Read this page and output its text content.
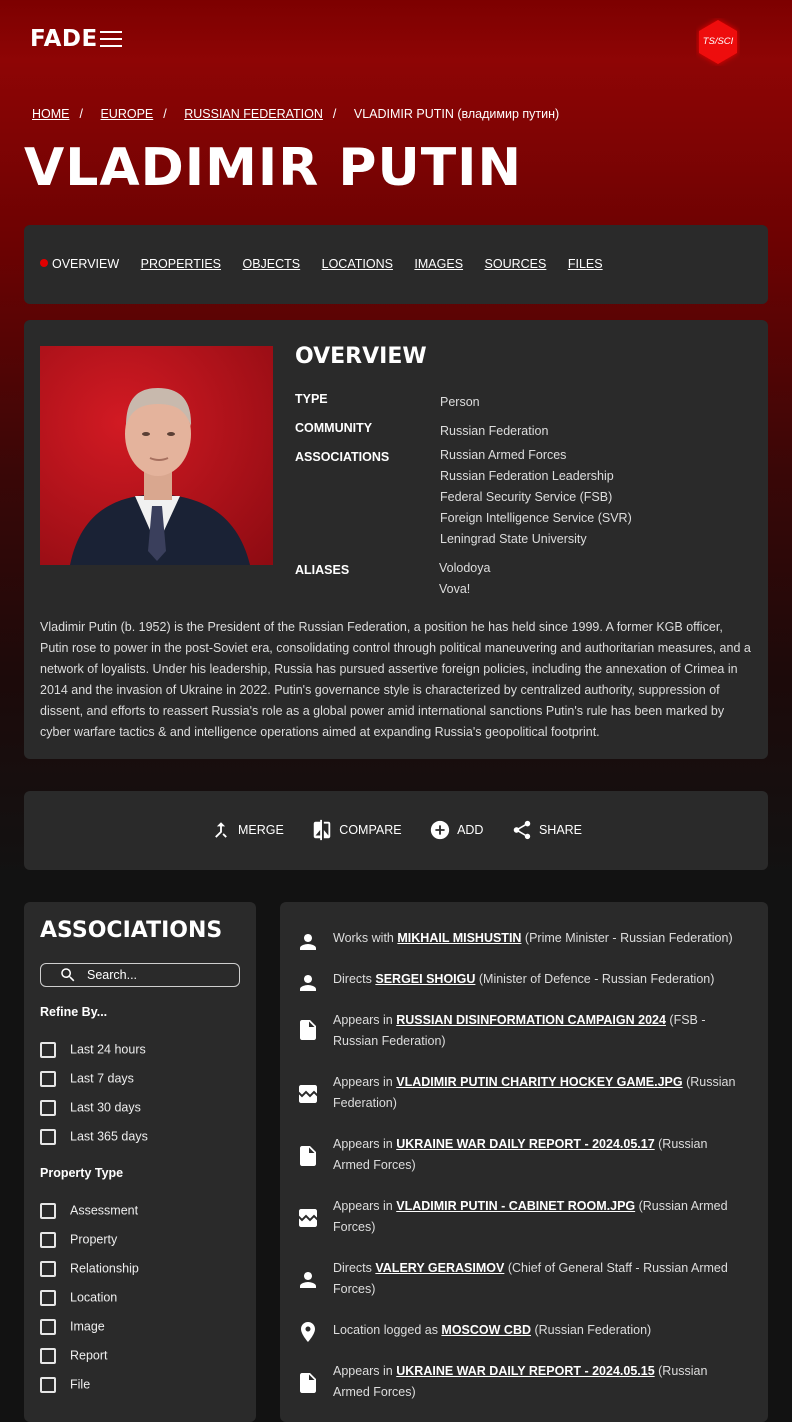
FADE	TS/SCI
HOME / EUROPE / RUSSIAN FEDERATION / VLADIMIR PUTIN (владимир путин)
VLADIMIR PUTIN
OVERVIEW PROPERTIES OBJECTS LOCATIONS IMAGES SOURCES FILES
OVERVIEW
TYPE	Person
COMMUNITY	Russian Federation
ASSOCIATIONS	Russian Armed Forces
Russian Federation Leadership
Federal Security Service (FSB)
Foreign Intelligence Service (SVR)
Leningrad State University
ALIASES	Volodoya
Vova!
Vladimir Putin (b. 1952) is the President of the Russian Federation, a position he has held since 1999. A former KGB officer, Putin rose to power in the post-Soviet era, consolidating control through political maneuvering and authoritarian measures, and a network of loyalists. Under his leadership, Russia has pursued assertive foreign policies, including the annexation of Crimea in 2014 and the invasion of Ukraine in 2022. Putin's governance style is characterized by centralized authority, suppression of dissent, and efforts to reassert Russia's role as a global power amid international sanctions Putin's rule has been marked by cyber warfare tactics & and intelligence operations aimed at expanding Russia's geopolitical footprint.
MERGE	COMPARE	ADD	SHARE
ASSOCIATIONS
Search...
Refine By...
Last 24 hours
Last 7 days
Last 30 days
Last 365 days
Property Type
Assessment
Property
Relationship
Location
Image
Report
File
Works with MIKHAIL MISHUSTIN (Prime Minister - Russian Federation)
Directs SERGEI SHOIGU (Minister of Defence - Russian Federation)
Appears in RUSSIAN DISINFORMATION CAMPAIGN 2024 (FSB - Russian Federation)
Appears in VLADIMIR PUTIN CHARITY HOCKEY GAME.JPG (Russian Federation)
Appears in UKRAINE WAR DAILY REPORT - 2024.05.17 (Russian Armed Forces)
Appears in VLADIMIR PUTIN - CABINET ROOM.JPG (Russian Armed Forces)
Directs VALERY GERASIMOV (Chief of General Staff - Russian Armed Forces)
Location logged as MOSCOW CBD (Russian Federation)
Appears in UKRAINE WAR DAILY REPORT - 2024.05.15 (Russian Armed Forces)
